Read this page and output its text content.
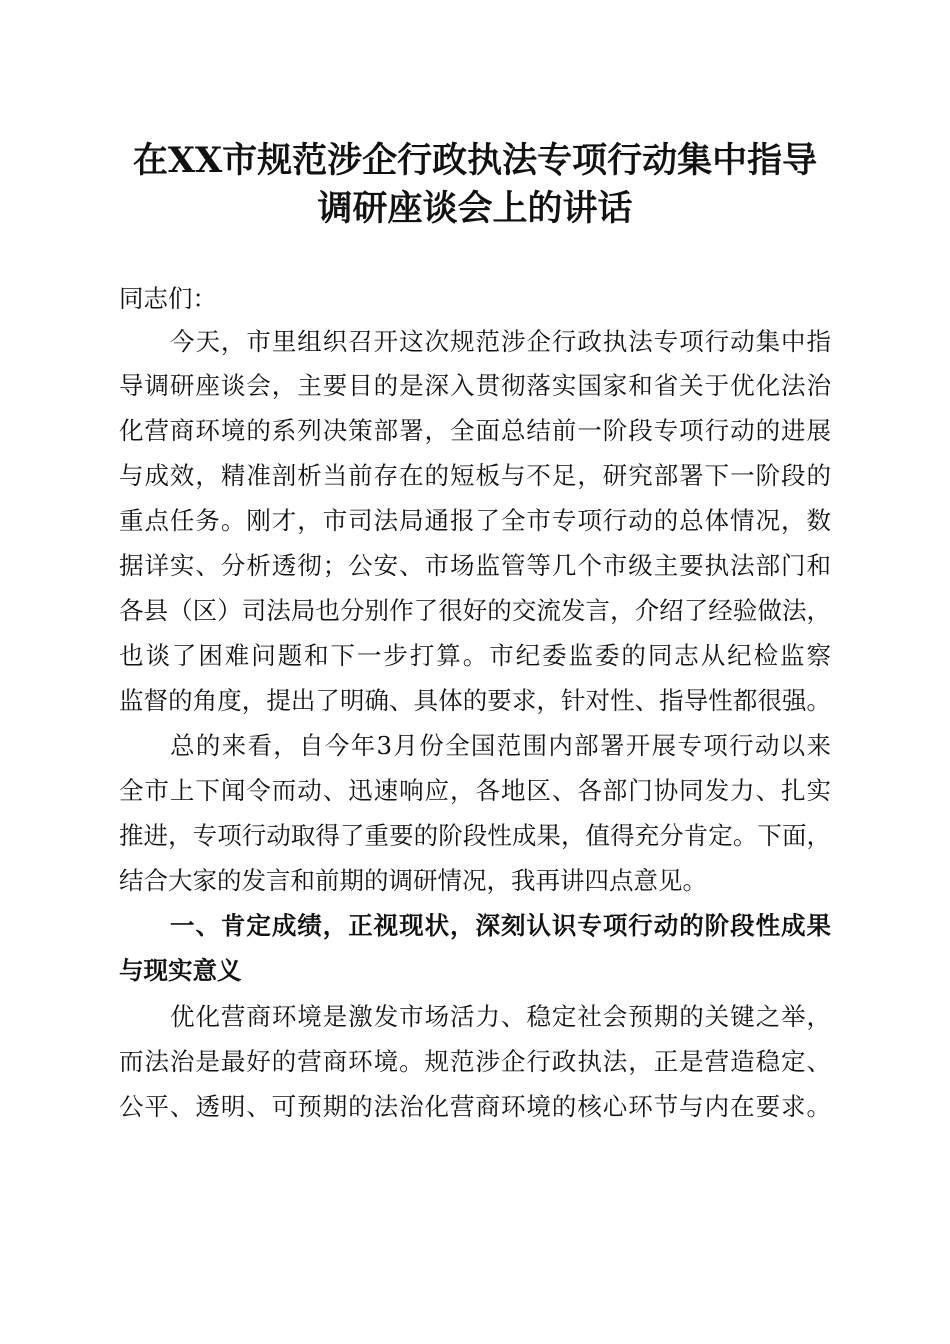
在XX市规范涉企行政执法专项行动集中指导
调研座谈会上的讲话

同志们：

今天，市里组织召开这次规范涉企行政执法专项行动集中指

导调研座谈会，主要目的是深入贯彻落实国家和省关于优化法治

化营商环境的系列决策部署，全面总结前一阶段专项行动的进展

与成效，精准剖析当前存在的短板与不足，研究部署下一阶段的

重点任务。刚才，市司法局通报了全市专项行动的总体情况，数

据详实、分析透彻；公安、市场监管等几个市级主要执法部门和

各县（区）司法局也分别作了很好的交流发言，介绍了经验做法，

也谈了困难问题和下一步打算。市纪委监委的同志从纪检监察

监督的角度，提出了明确、具体的要求，针对性、指导性都很强。

总的来看，自今年3月份全国范围内部署开展专项行动以来

全市上下闻令而动、迅速响应，各地区、各部门协同发力、扎实

推进，专项行动取得了重要的阶段性成果，值得充分肯定。下面，

结合大家的发言和前期的调研情况，我再讲四点意见。

一、肯定成绩，正视现状，深刻认识专项行动的阶段性成果

与现实意义

优化营商环境是激发市场活力、稳定社会预期的关键之举，

而法治是最好的营商环境。规范涉企行政执法，正是营造稳定、

公平、透明、可预期的法治化营商环境的核心环节与内在要求。
